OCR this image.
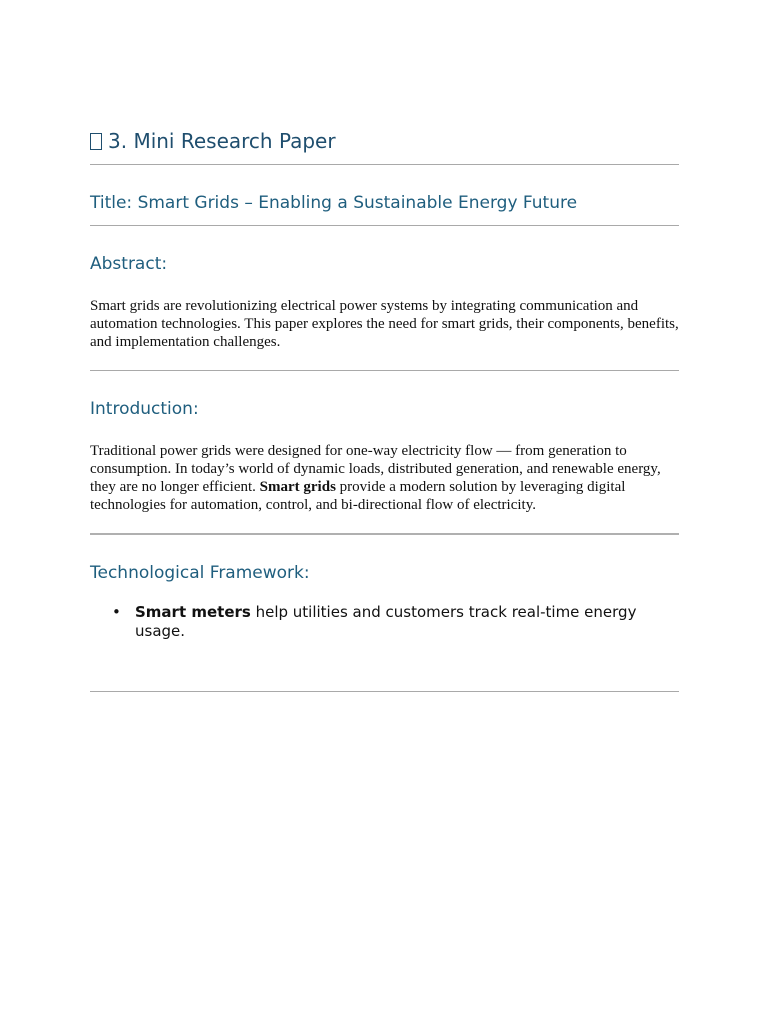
3. Mini Research Paper
Title: Smart Grids – Enabling a Sustainable Energy Future
Abstract:
Smart grids are revolutionizing electrical power systems by integrating communication and automation technologies. This paper explores the need for smart grids, their components, benefits, and implementation challenges.
Introduction:
Traditional power grids were designed for one-way electricity flow — from generation to consumption. In today’s world of dynamic loads, distributed generation, and renewable energy, they are no longer efficient. Smart grids provide a modern solution by leveraging digital technologies for automation, control, and bi-directional flow of electricity.
Technological Framework:
• Smart meters help utilities and customers track real-time energy usage.
